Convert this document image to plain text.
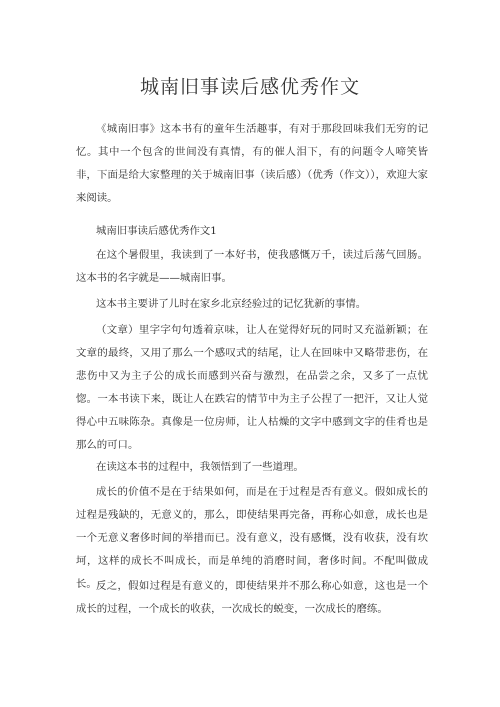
城南旧事读后感优秀作文

《城南旧事》这本书有的童年生活趣事，有对于那段回味我们无穷的记忆。其中一个包含的世间没有真情，有的催人泪下，有的问题令人啼笑皆非，下面是给大家整理的关于城南旧事（读后感）（优秀（作文）），欢迎大家来阅读。

城南旧事读后感优秀作文1

在这个暑假里，我读到了一本好书，使我感慨万千，读过后荡气回肠。这本书的名字就是——城南旧事。

这本书主要讲了儿时在家乡北京经验过的记忆犹新的事情。

（文章）里字字句句透着京味，让人在觉得好玩的同时又充溢新颖；在文章的最终，又用了那么一个感叹式的结尾，让人在回味中又略带悲伤，在悲伤中又为主子公的成长而感到兴奋与激烈，在品尝之余，又多了一点忧惚。一本书读下来，既让人在跌宕的情节中为主子公捏了一把汗，又让人觉得心中五味陈杂。真像是一位房师，让人枯燥的文字中感到文字的佳肴也是那么的可口。

在读这本书的过程中，我领悟到了一些道理。

成长的价值不是在于结果如何，而是在于过程是否有意义。假如成长的过程是残缺的，无意义的，那么，即使结果再完备，再称心如意，成长也是一个无意义奢侈时间的举措而已。没有意义，没有感慨，没有收获，没有坎坷，这样的成长不叫成长，而是单纯的消磨时间，奢侈时间。不配叫做成长。 反之，假如过程是有意义的，即使结果并不那么称心如意，这也是一个成长的过程，一个成长的收获，一次成长的蜕变，一次成长的磨练。
